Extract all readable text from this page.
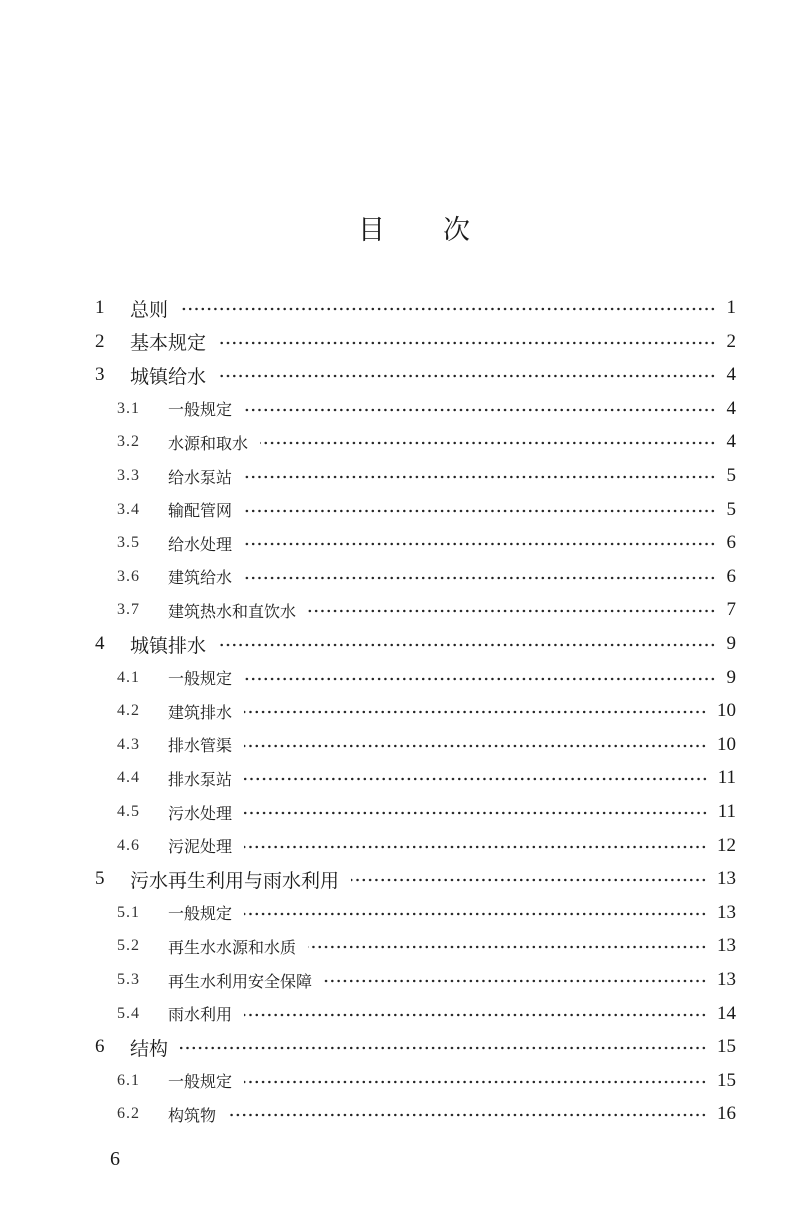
目 次
1 总则	1
2 基本规定	2
3 城镇给水	4
3.1 一般规定	4
3.2 水源和取水	4
3.3 给水泵站	5
3.4 输配管网	5
3.5 给水处理	6
3.6 建筑给水	6
3.7 建筑热水和直饮水	7
4 城镇排水	9
4.1 一般规定	9
4.2 建筑排水	10
4.3 排水管渠	10
4.4 排水泵站	11
4.5 污水处理	11
4.6 污泥处理	12
5 污水再生利用与雨水利用	13
5.1 一般规定	13
5.2 再生水水源和水质	13
5.3 再生水利用安全保障	13
5.4 雨水利用	14
6 结构	15
6.1 一般规定	15
6.2 构筑物	16
6
